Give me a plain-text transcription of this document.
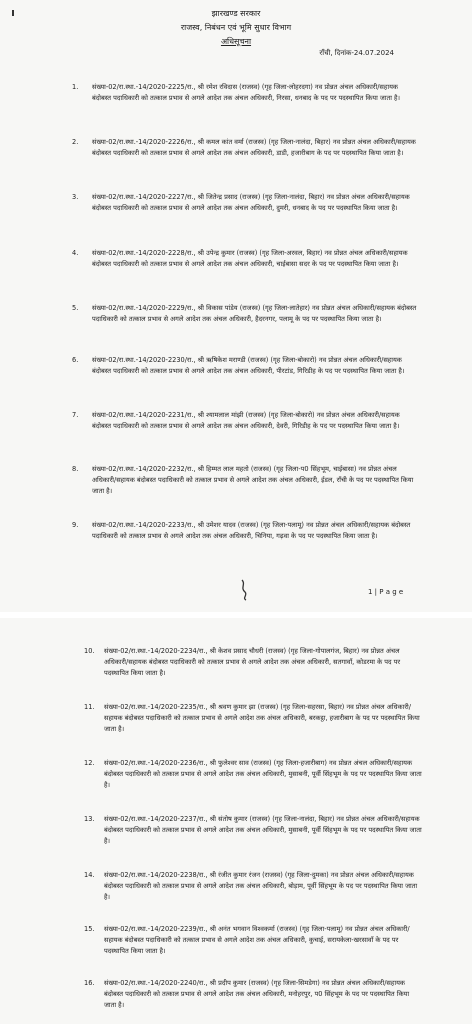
झारखण्ड सरकार
राजस्व, निबंधन एवं भूमि सुधार विभाग
अधिसूचना
राँची, दिनांक-24.07.2024
1. संख्या-02/रा.स्था.-14/2020-2225/रा., श्री रमेश रविदास (राजस्व) (गृह जिला-लोहरदगा) नव प्रोन्नत अंचल अधिकारी/सहायक बंदोबस्त पदाधिकारी को तत्काल प्रभाव से अगले आदेश तक अंचल अधिकारी, निरसा, धनबाद के पद पर पदस्थापित किया जाता है।
2. संख्या-02/रा.स्था.-14/2020-2226/रा., श्री कमल कांत वर्मा (राजस्व) (गृह जिला-नालंदा, बिहार) नव प्रोन्नत अंचल अधिकारी/सहायक बंदोबस्त पदाधिकारी को तत्काल प्रभाव से अगले आदेश तक अंचल अधिकारी, डाडी, हजारीबाग के पद पर पदस्थापित किया जाता है।
3. संख्या-02/रा.स्था.-14/2020-2227/रा., श्री जितेन्द्र प्रसाद (राजस्व) (गृह जिला-नालंदा, बिहार) नव प्रोन्नत अंचल अधिकारी/सहायक बंदोबस्त पदाधिकारी को तत्काल प्रभाव से अगले आदेश तक अंचल अधिकारी, दुमरी, धनबाद के पद पर पदस्थापित किया जाता है।
4. संख्या-02/रा.स्था.-14/2020-2228/रा., श्री उपेन्द्र कुमार (राजस्व) (गृह जिला-अरवल, बिहार) नव प्रोन्नत अंचल अधिकारी/सहायक बंदोबस्त पदाधिकारी को तत्काल प्रभाव से अगले आदेश तक अंचल अधिकारी, चाईबासा सदर के पद पर पदस्थापित किया जाता है।
5. संख्या-02/रा.स्था.-14/2020-2229/रा., श्री विकास पांडेय (राजस्व) (गृह जिला-लातेहार) नव प्रोन्नत अंचल अधिकारी/सहायक बंदोबस्त पदाधिकारी को तत्काल प्रभाव से अगले आदेश तक अंचल अधिकारी, हैदरनगर, पलामू के पद पर पदस्थापित किया जाता है।
6. संख्या-02/रा.स्था.-14/2020-2230/रा., श्री ऋषिकेश मराण्डी (राजस्व) (गृह जिला-बोकारो) नव प्रोन्नत अंचल अधिकारी/सहायक बंदोबस्त पदाधिकारी को तत्काल प्रभाव से अगले आदेश तक अंचल अधिकारी, पीरटांड, गिरिडीह के पद पर पदस्थापित किया जाता है।
7. संख्या-02/रा.स्था.-14/2020-2231/रा., श्री श्यामलाल मांझी (राजस्व) (गृह जिला-बोकारो) नव प्रोन्नत अंचल अधिकारी/सहायक बंदोबस्त पदाधिकारी को तत्काल प्रभाव से अगले आदेश तक अंचल अधिकारी, देवरी, गिरिडीह के पद पर पदस्थापित किया जाता है।
8. संख्या-02/रा.स्था.-14/2020-2232/रा., श्री हिम्मत लाल महतो (राजस्व) (गृह जिला-प0 सिंहभूम, चाईबासा) नव प्रोन्नत अंचल अधिकारी/सहायक बंदोबस्त पदाधिकारी को तत्काल प्रभाव से अगले आदेश तक अंचल अधिकारी, ईडल, राँची के पद पर पदस्थापित किया जाता है।
9. संख्या-02/रा.स्था.-14/2020-2233/रा., श्री उमेशर यादव (राजस्व) (गृह जिला-पलामू) नव प्रोन्नत अंचल अधिकारी/सहायक बंदोबस्त पदाधिकारी को तत्काल प्रभाव से अगले आदेश तक अंचल अधिकारी, चिनिया, गढ़वा के पद पर पदस्थापित किया जाता है।
1 | P a g e
10. संख्या-02/रा.स्था.-14/2020-2234/रा., श्री केशव प्रसाद चौधरी (राजस्व) (गृह जिला-गोपालगंज, बिहार) नव प्रोन्नत अंचल अधिकारी/सहायक बंदोबस्त पदाधिकारी को तत्काल प्रभाव से अगले आदेश तक अंचल अधिकारी, सतगावाँ, कोडरमा के पद पर पदस्थापित किया जाता है।
11. संख्या-02/रा.स्था.-14/2020-2235/रा., श्री श्रवण कुमार झा (राजस्व) (गृह जिला-सहरसा, बिहार) नव प्रोन्नत अंचल अधिकारी/सहायक बंदोबस्त पदाधिकारी को तत्काल प्रभाव से अगले आदेश तक अंचल अधिकारी, बरकट्ठा, हजारीबाग के पद पर पदस्थापित किया जाता है।
12. संख्या-02/रा.स्था.-14/2020-2236/रा., श्री फुलेश्वर साव (राजस्व) (गृह जिला-हजारीबाग) नव प्रोन्नत अंचल अधिकारी/सहायक बंदोबस्त पदाधिकारी को तत्काल प्रभाव से अगले आदेश तक अंचल अधिकारी, मुसाबनी, पूर्वी सिंहभूम के पद पर पदस्थापित किया जाता है।
13. संख्या-02/रा.स्था.-14/2020-2237/रा., श्री संतोष कुमार (राजस्व) (गृह जिला-नालंदा, बिहार) नव प्रोन्नत अंचल अधिकारी/सहायक बंदोबस्त पदाधिकारी को तत्काल प्रभाव से अगले आदेश तक अंचल अधिकारी, मुसाबनी, पूर्वी सिंहभूम के पद पर पदस्थापित किया जाता है।
14. संख्या-02/रा.स्था.-14/2020-2238/रा., श्री रंजीत कुमार रंजन (राजस्व) (गृह जिला-दुमका) नव प्रोन्नत अंचल अधिकारी/सहायक बंदोबस्त पदाधिकारी को तत्काल प्रभाव से अगले आदेश तक अंचल अधिकारी, बोड़ाम, पूर्वी सिंहभूम के पद पर पदस्थापित किया जाता है।
15. संख्या-02/रा.स्था.-14/2020-2239/रा., श्री अनंत भगवान विश्वकर्मा (राजस्व) (गृह जिला-पलामू) नव प्रोन्नत अंचल अधिकारी/सहायक बंदोबस्त पदाधिकारी को तत्काल प्रभाव से अगले आदेश तक अंचल अधिकारी, कुचाई, सरायकेला-खरसावाँ के पद पर पदस्थापित किया जाता है।
16. संख्या-02/रा.स्था.-14/2020-2240/रा., श्री प्रदीप कुमार (राजस्व) (गृह जिला-सिमडेगा) नव प्रोन्नत अंचल अधिकारी/सहायक बंदोबस्त पदाधिकारी को तत्काल प्रभाव से अगले आदेश तक अंचल अधिकारी, मनोहरपुर, प0 सिंहभूम के पद पर पदस्थापित किया जाता है।
